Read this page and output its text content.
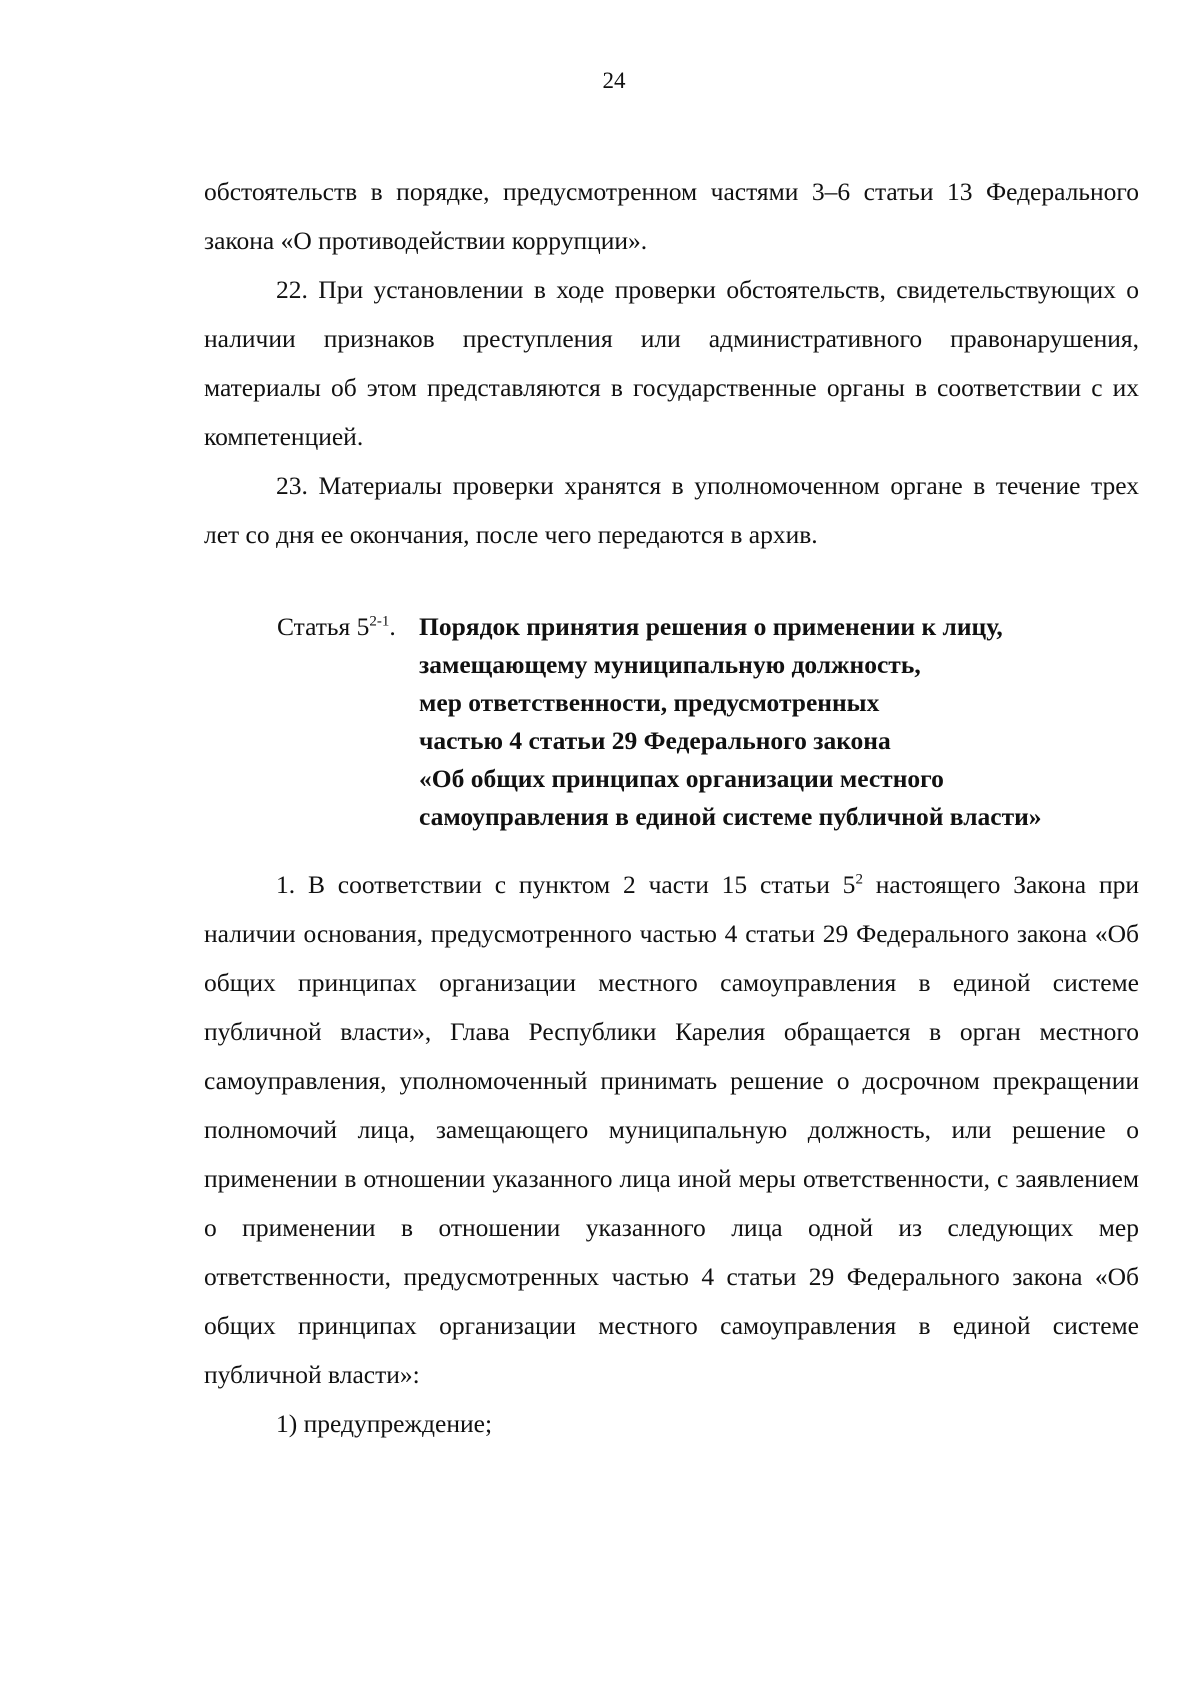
24

обстоятельств в порядке, предусмотренном частями 3–6 статьи 13 Федерального закона «О противодействии коррупции».

22. При установлении в ходе проверки обстоятельств, свидетельствующих о наличии признаков преступления или административного правонарушения, материалы об этом представляются в государственные органы в соответствии с их компетенцией.

23. Материалы проверки хранятся в уполномоченном органе в течение трех лет со дня ее окончания, после чего передаются в архив.

Статья 5$^{2-1}$. Порядок принятия решения о применении к лицу,
замещающему муниципальную должность,
мер ответственности, предусмотренных
частью 4 статьи 29 Федерального закона
«Об общих принципах организации местного
самоуправления в единой системе публичной власти»

1. В соответствии с пунктом 2 части 15 статьи $5^2$ настоящего Закона при наличии основания, предусмотренного частью 4 статьи 29 Федерального закона «Об общих принципах организации местного самоуправления в единой системе публичной власти», Глава Республики Карелия обращается в орган местного самоуправления, уполномоченный принимать решение о досрочном прекращении полномочий лица, замещающего муниципальную должность, или решение о применении в отношении указанного лица иной меры ответственности, с заявлением о применении в отношении указанного лица одной из следующих мер ответственности, предусмотренных частью 4 статьи 29 Федерального закона «Об общих принципах организации местного самоуправления в единой системе публичной власти»:

1) предупреждение;
